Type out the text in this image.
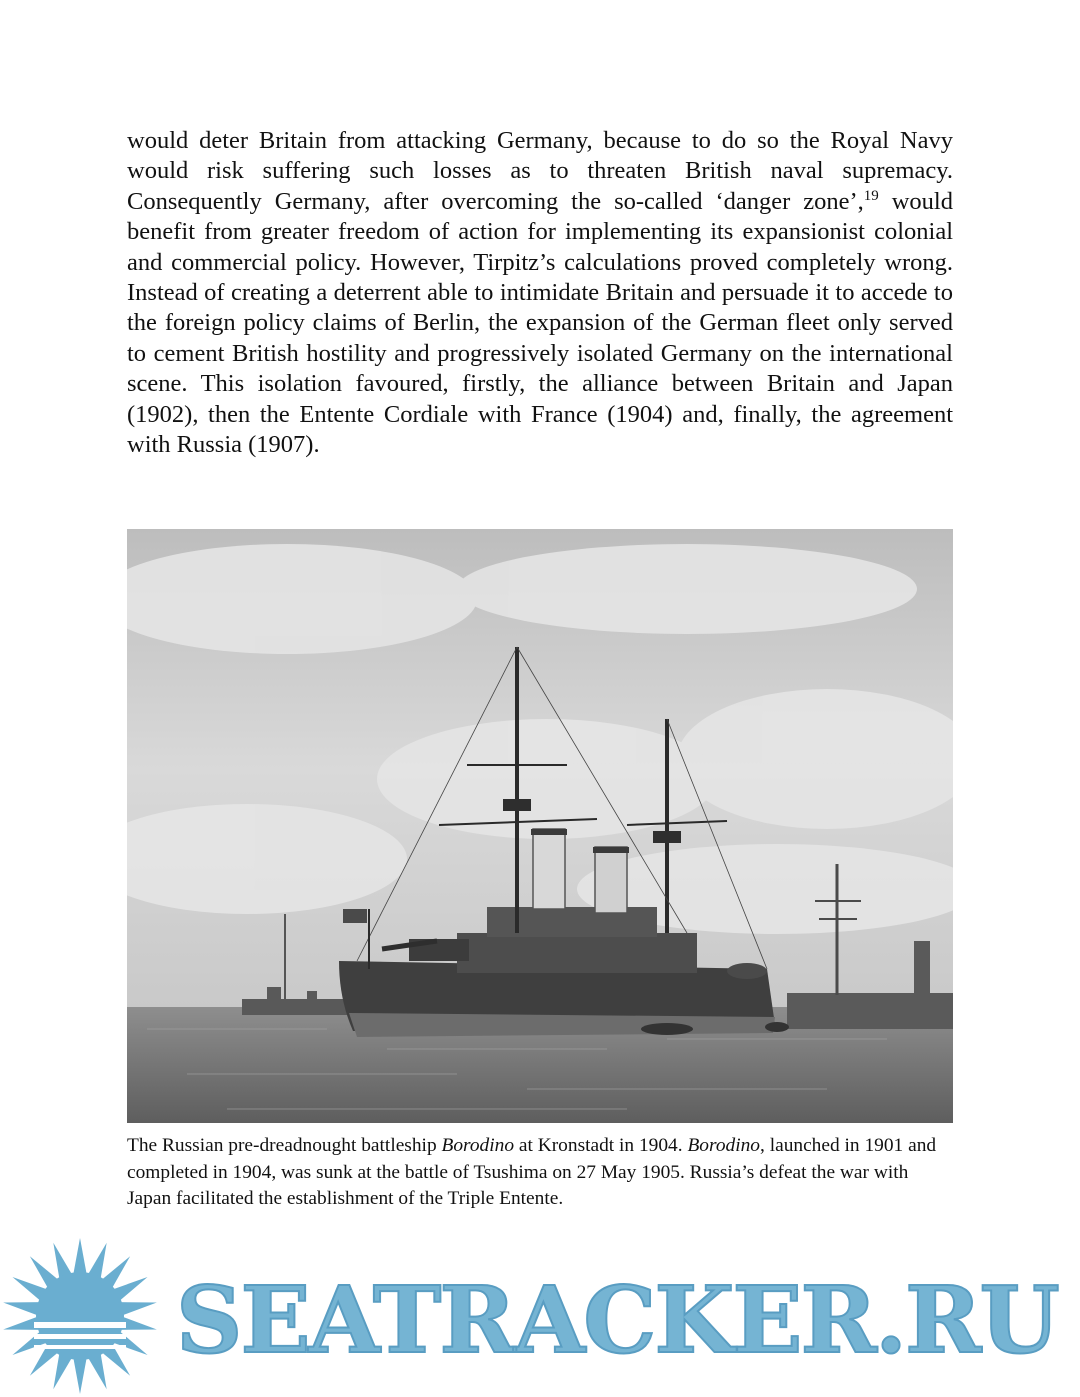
would deter Britain from attacking Germany, because to do so the Royal Navy would risk suffering such losses as to threaten British naval supremacy. Consequently Germany, after overcoming the so-called ‘danger zone’,$^{19}$ would benefit from greater freedom of action for implementing its expansionist colonial and commercial policy. However, Tirpitz’s calculations proved completely wrong. Instead of creating a deterrent able to intimidate Britain and persuade it to accede to the foreign policy claims of Berlin, the expansion of the German fleet only served to cement British hostility and progressively isolated Germany on the international scene. This isolation favoured, firstly, the alliance between Britain and Japan (1902), then the Entente Cordiale with France (1904) and, finally, the agreement with Russia (1907).

The Russian pre-dreadnought battleship Borodino at Kronstadt in 1904. Borodino, launched in 1901 and completed in 1904, was sunk at the battle of Tsushima on 27 May 1905. Russia’s defeat the war with Japan facilitated the establishment of the Triple Entente.

SEATRACKER.RU
